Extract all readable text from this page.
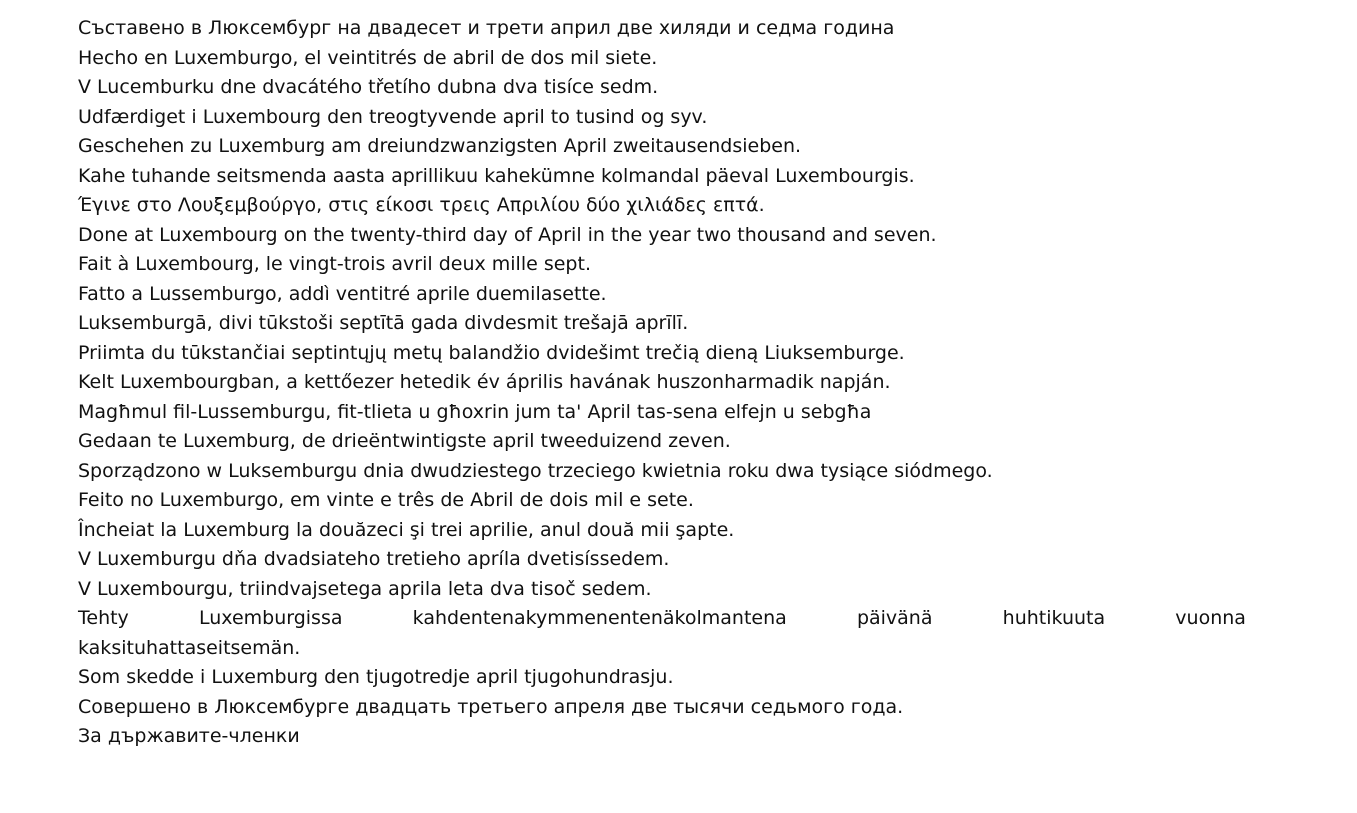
Съставено в Люксембург на двадесет и трети април две хиляди и седма година
Hecho en Luxemburgo, el veintitrés de abril de dos mil siete.
V Lucemburku dne dvacátého třetího dubna dva tisíce sedm.
Udfærdiget i Luxembourg den treogtyvende april to tusind og syv.
Geschehen zu Luxemburg am dreiundzwanzigsten April zweitausendsieben.
Kahe tuhande seitsmenda aasta aprillikuu kahekümne kolmandal päeval Luxembourgis.
Έγινε στο Λουξεμβούργο, στις είκοσι τρεις Απριλίου δύο χιλιάδες επτά.
Done at Luxembourg on the twenty-third day of April in the year two thousand and seven.
Fait à Luxembourg, le vingt-trois avril deux mille sept.
Fatto a Lussemburgo, addì ventitré aprile duemilasette.
Luksemburgā, divi tūkstoši septītā gada divdesmit trešajā aprīlī.
Priimta du tūkstančiai septintųjų metų balandžio dvidešimt trečią dieną Liuksemburge.
Kelt Luxembourgban, a kettőezer hetedik év április havának huszonharmadik napján.
Magħmul fil-Lussemburgu, fit-tlieta u għoxrin jum ta' April tas-sena elfejn u sebgħa
Gedaan te Luxemburg, de drieëntwintigste april tweeduizend zeven.
Sporządzono w Luksemburgu dnia dwudziestego trzeciego kwietnia roku dwa tysiące siódmego.
Feito no Luxemburgo, em vinte e três de Abril de dois mil e sete.
Încheiat la Luxemburg la douăzeci şi trei aprilie, anul două mii şapte.
V Luxemburgu dňa dvadsiateho tretieho apríla dvetisíssedem.
V Luxembourgu, triindvajsetega aprila leta dva tisoč sedem.
Tehty	Luxemburgissa	kahdentenakymmenentenäkolmantena	päivänä	huhtikuuta	vuonna
kaksituhattaseitsemän.
Som skedde i Luxemburg den tjugotredje april tjugohundrasju.
Совершено в Люксембурге двадцать третьего апреля две тысячи седьмого года.
За държавите-членки
